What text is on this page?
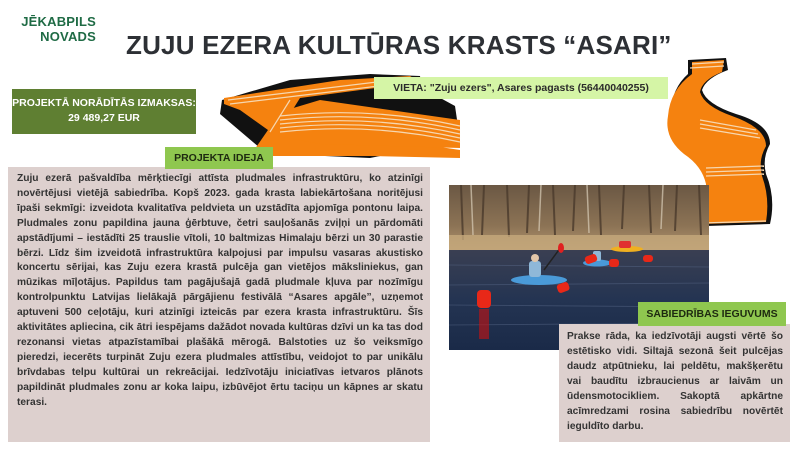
JĒKABPILS
NOVADS ZUJU EZERA KULTŪRAS KRASTS “ASARI”
VIETA: "Zuju ezers", Asares pagasts (56440040255)
PROJEKTĀ NORĀDĪTĀS IZMAKSAS:
29 489,27 EUR
Zuju ezerā pašvaldība mērķtiecīgi attīsta pludmales infrastruktūru, ko atzinīgi novērtējusi vietējā sabiedrība. Kopš 2023. gada krasta labiekārtošana noritējusi īpaši sekmīgi: izveidota kvalitatīva peldvieta un uzstādīta apjomīga pontonu laipa. Pludmales zonu papildina jauna ģērbtuve, četri sauļošanās zviļņi un pārdomāti apstādījumi – iestādīti 25 trauslie vītoli, 10 baltmizas Himalaju bērzi un 30 parastie bērzi. Līdz šim izveidotā infrastruktūra kalpojusi par impulsu vasaras akustisko koncertu sērijai, kas Zuju ezera krastā pulcēja gan vietējos māksliniekus, gan mūzikas mīļotājus. Papildus tam pagājušajā gadā pludmale kļuva par nozīmīgu kontrolpunktu Latvijas lielākajā pārgājienu festivālā “Asares apgāle”, uzņemot aptuveni 500 ceļotāju, kuri atzinīgi izteicās par ezera krasta infrastruktūru. Šīs aktivitātes apliecina, cik ātri iespējams dažādot novada kultūras dzīvi un ka tas dod rezonansi vietas atpazīstamībai plašākā mērogā. Balstoties uz šo veiksmīgo pieredzi, iecerēts turpināt Zuju ezera pludmales attīstību, veidojot to par unikālu brīvdabas telpu kultūrai un rekreācijai. Iedzīvotāju iniciatīvas ietvaros plānots papildināt pludmales zonu ar koka laipu, izbūvējot ērtu taciņu un kāpnes ar skatu terasi.
PROJEKTA IDEJA
Prakse rāda, ka iedzīvotāji augsti vērtē šo estētisko vidi. Siltajā sezonā šeit pulcējas daudz atpūtnieku, lai peldētu, makšķerētu vai baudītu izbraucienus ar laivām un ūdensmotocikliem. Sakoptā apkārtne acīmredzami rosina sabiedrību novērtēt ieguldīto darbu.
SABIEDRĪBAS IEGUVUMS
